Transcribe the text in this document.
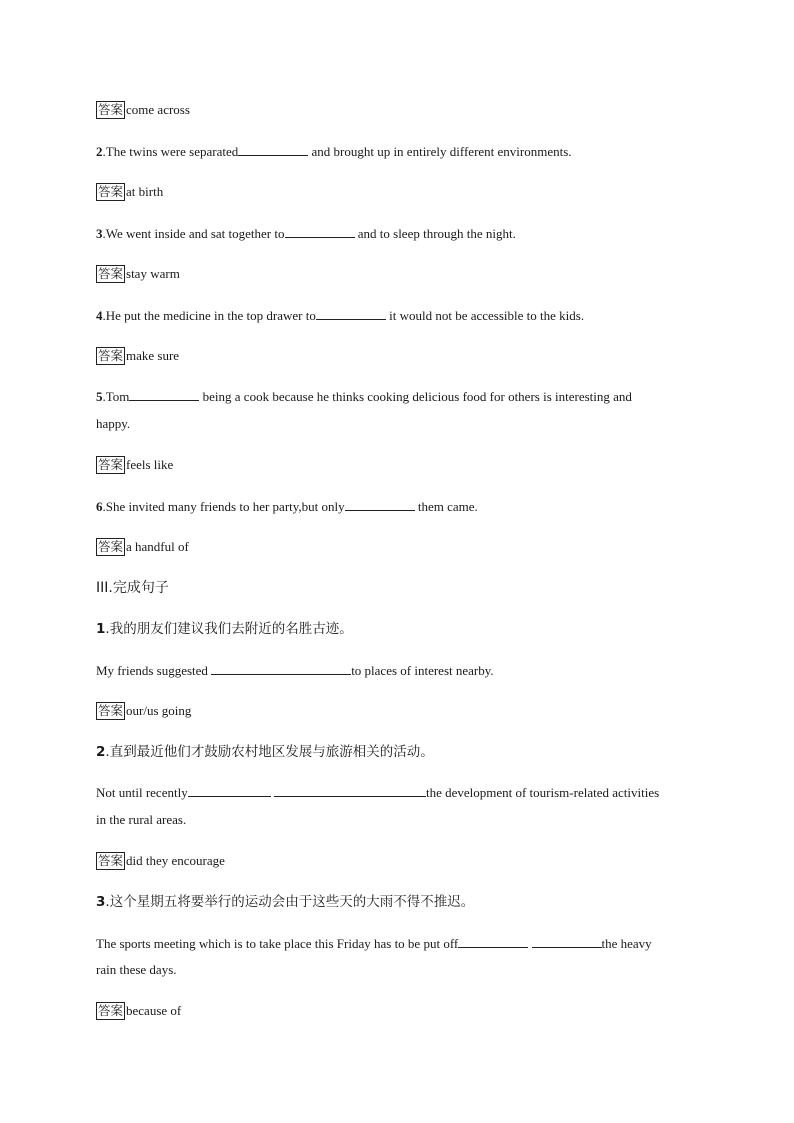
答案 come across
2.The twins were separated	and brought up in entirely different environments.
答案 at birth
3.We went inside and sat together to	and to sleep through the night.
答案 stay warm
4.He put the medicine in the top drawer to	it would not be accessible to the kids.
答案 make sure
5.Tom	being a cook because he thinks cooking delicious food for others is interesting and
happy.
答案 feels like
6.She invited many friends to her party,but only	them came.
答案 a handful of
III.完成句子
1.我的朋友们建议我们去附近的名胜古迹。
My friends suggested	to places of interest nearby.
答案 our/us going
2.直到最近他们才鼓励农村地区发展与旅游相关的活动。
Not until recently	the development of tourism-related activities
in the rural areas.
答案 did they encourage
3.这个星期五将要举行的运动会由于这些天的大雨不得不推迟。
The sports meeting which is to take place this Friday has to be put off	the heavy
rain these days.
答案 because of
